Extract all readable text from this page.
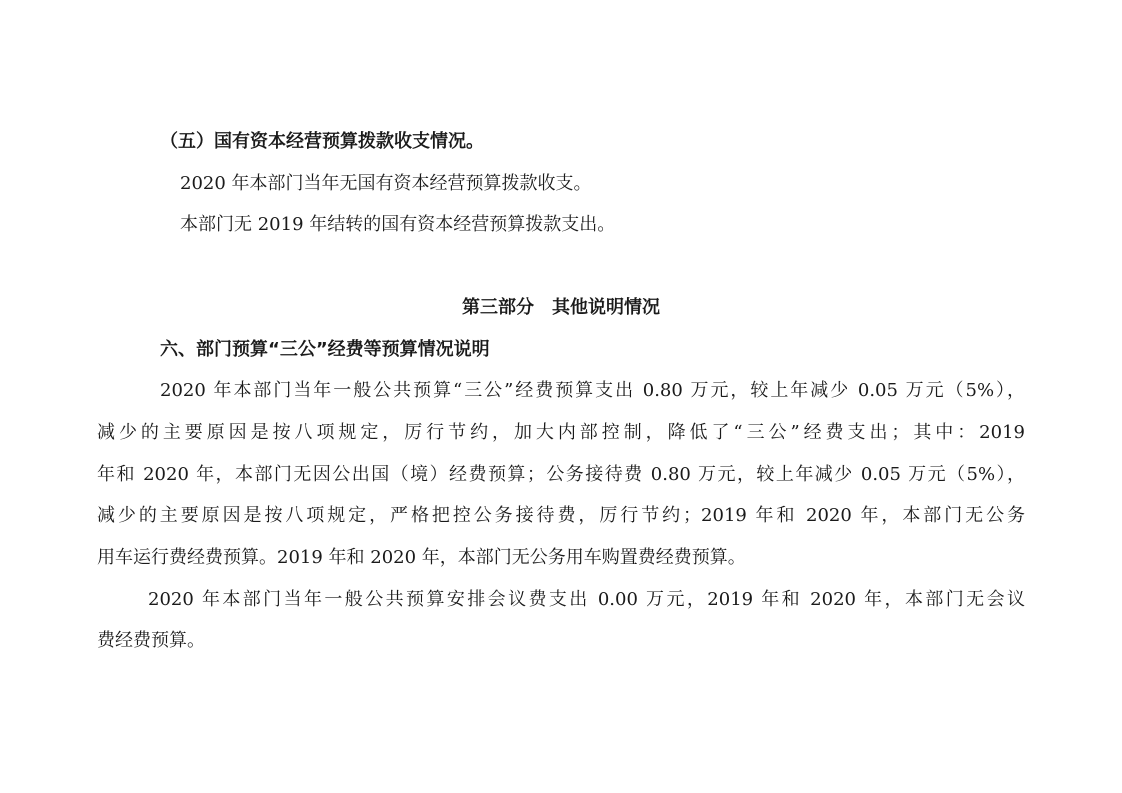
（五）国有资本经营预算拨款收支情况。
2020 年本部门当年无国有资本经营预算拨款收支。
本部门无 2019 年结转的国有资本经营预算拨款支出。
第三部分　其他说明情况
六、部门预算“三公”经费等预算情况说明
2020 年本部门当年一般公共预算“三公”经费预算支出 0.80 万元，较上年减少 0.05 万元（5%），
减少的主要原因是按八项规定，厉行节约，加大内部控制，降低了“三公”经费支出；其中：2019
年和 2020 年，本部门无因公出国（境）经费预算；公务接待费 0.80 万元，较上年减少 0.05 万元（5%），
减少的主要原因是按八项规定，严格把控公务接待费，厉行节约；2019 年和 2020 年，本部门无公务
用车运行费经费预算。2019 年和 2020 年，本部门无公务用车购置费经费预算。
2020 年本部门当年一般公共预算安排会议费支出 0.00 万元，2019 年和 2020 年，本部门无会议
费经费预算。
